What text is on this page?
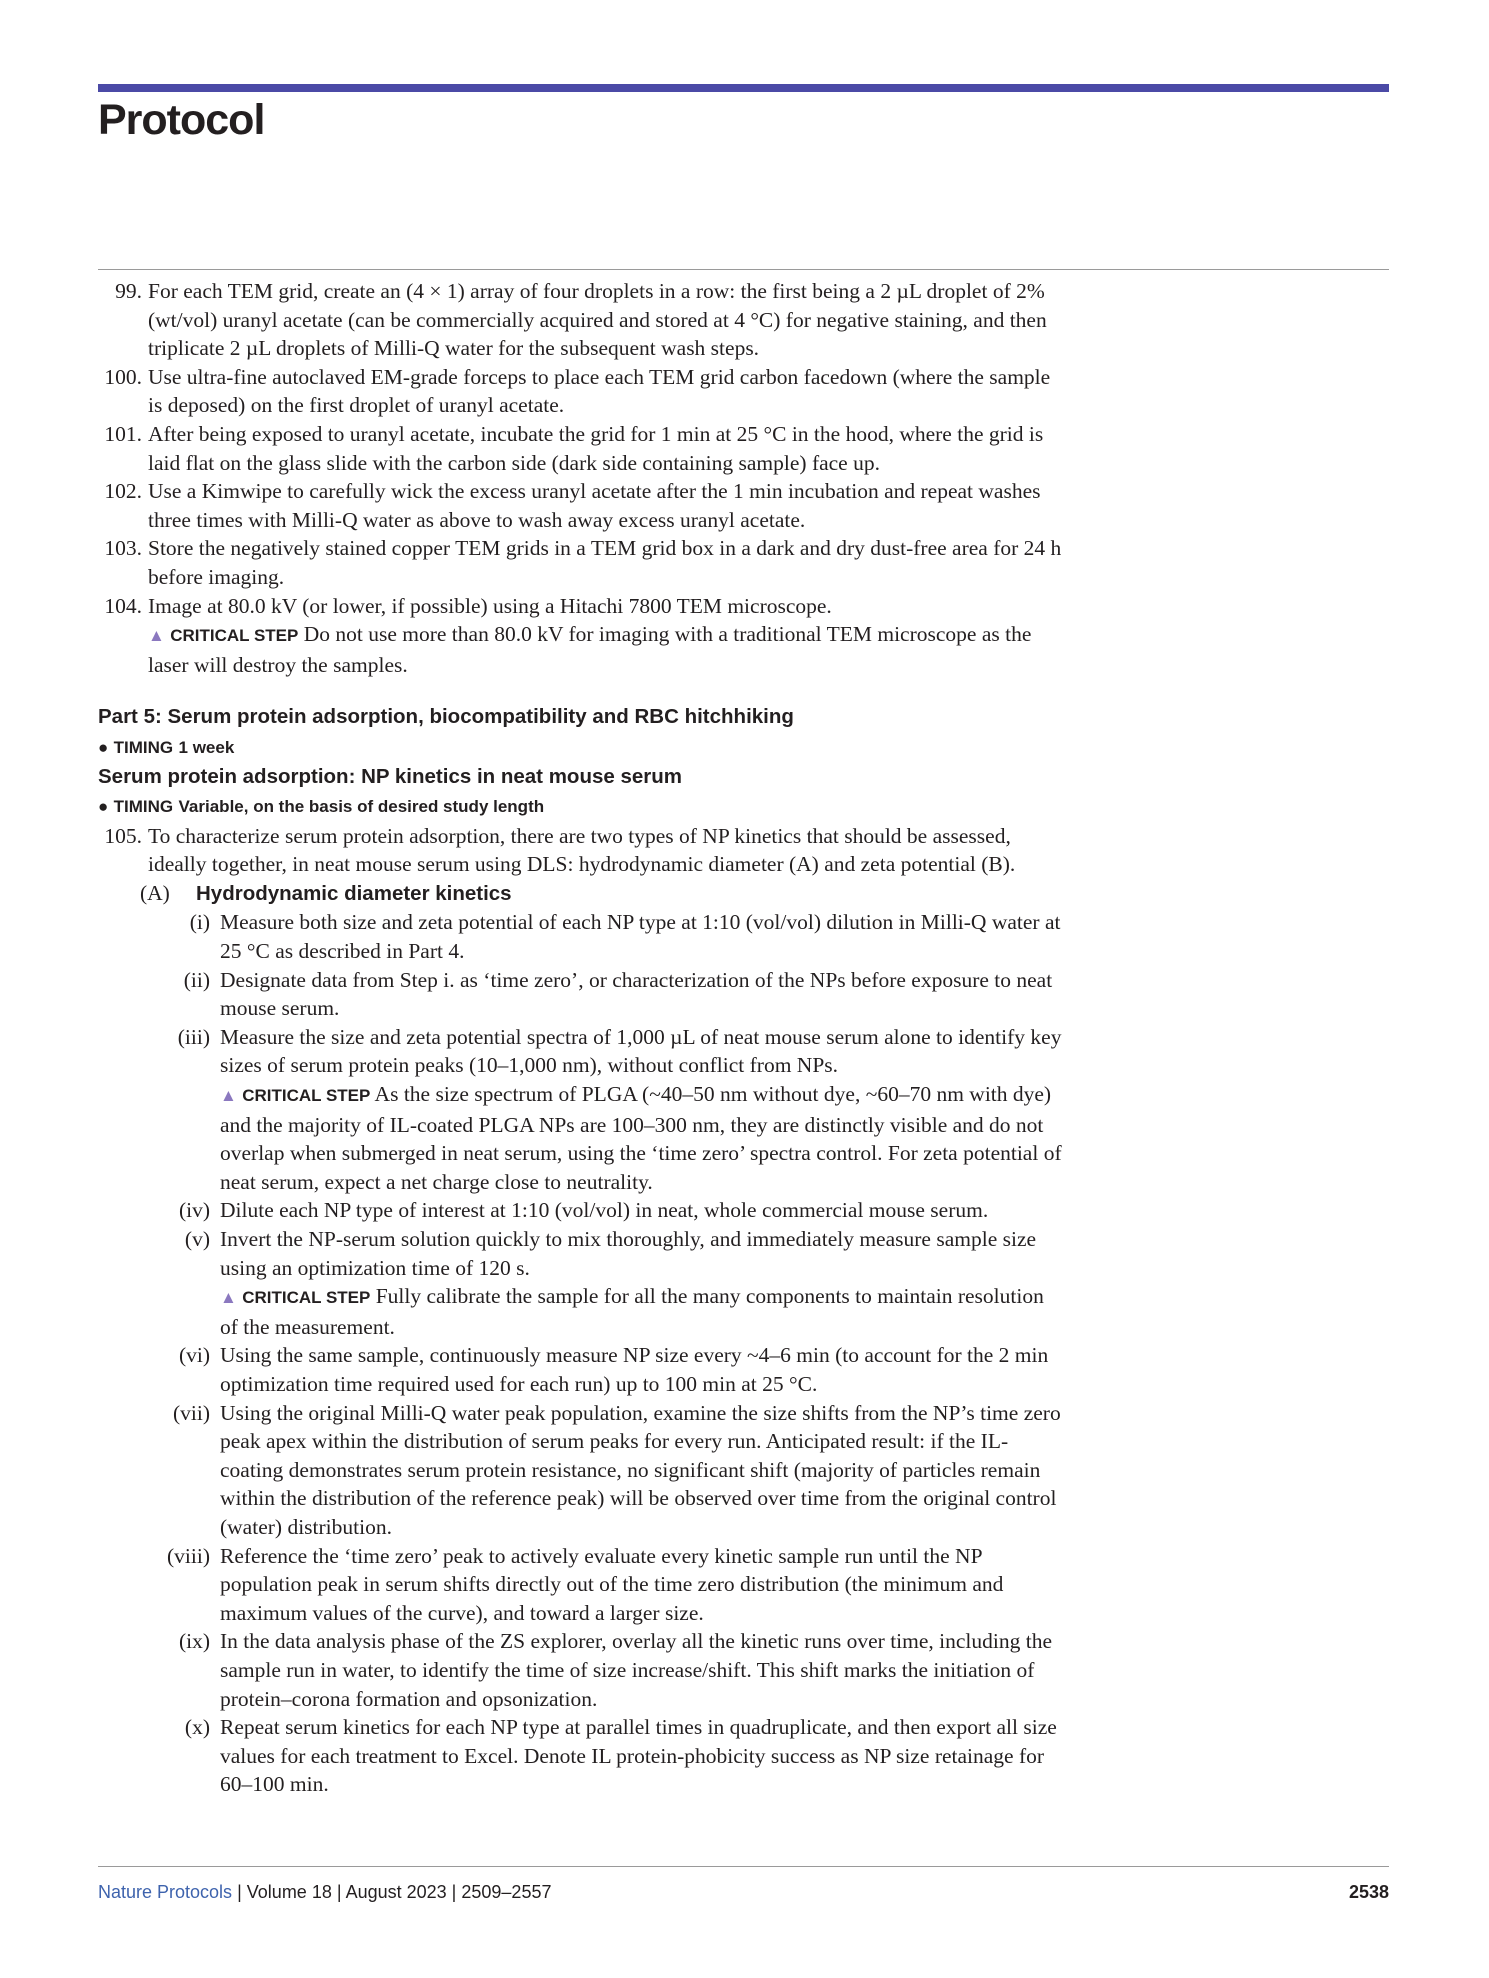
Protocol
99. For each TEM grid, create an (4 × 1) array of four droplets in a row: the first being a 2 µL droplet of 2% (wt/vol) uranyl acetate (can be commercially acquired and stored at 4 °C) for negative staining, and then triplicate 2 µL droplets of Milli-Q water for the subsequent wash steps.
100. Use ultra-fine autoclaved EM-grade forceps to place each TEM grid carbon facedown (where the sample is deposed) on the first droplet of uranyl acetate.
101. After being exposed to uranyl acetate, incubate the grid for 1 min at 25 °C in the hood, where the grid is laid flat on the glass slide with the carbon side (dark side containing sample) face up.
102. Use a Kimwipe to carefully wick the excess uranyl acetate after the 1 min incubation and repeat washes three times with Milli-Q water as above to wash away excess uranyl acetate.
103. Store the negatively stained copper TEM grids in a TEM grid box in a dark and dry dust-free area for 24 h before imaging.
104. Image at 80.0 kV (or lower, if possible) using a Hitachi 7800 TEM microscope.
▲ CRITICAL STEP Do not use more than 80.0 kV for imaging with a traditional TEM microscope as the laser will destroy the samples.
Part 5: Serum protein adsorption, biocompatibility and RBC hitchhiking
● TIMING 1 week
Serum protein adsorption: NP kinetics in neat mouse serum
● TIMING Variable, on the basis of desired study length
105. To characterize serum protein adsorption, there are two types of NP kinetics that should be assessed, ideally together, in neat mouse serum using DLS: hydrodynamic diameter (A) and zeta potential (B).
(A)	Hydrodynamic diameter kinetics
(i) Measure both size and zeta potential of each NP type at 1:10 (vol/vol) dilution in Milli-Q water at 25 °C as described in Part 4.
(ii) Designate data from Step i. as ‘time zero’, or characterization of the NPs before exposure to neat mouse serum.
(iii) Measure the size and zeta potential spectra of 1,000 µL of neat mouse serum alone to identify key sizes of serum protein peaks (10–1,000 nm), without conflict from NPs.
▲ CRITICAL STEP As the size spectrum of PLGA (~40–50 nm without dye, ~60–70 nm with dye) and the majority of IL-coated PLGA NPs are 100–300 nm, they are distinctly visible and do not overlap when submerged in neat serum, using the ‘time zero’ spectra control. For zeta potential of neat serum, expect a net charge close to neutrality.
(iv) Dilute each NP type of interest at 1:10 (vol/vol) in neat, whole commercial mouse serum.
(v) Invert the NP-serum solution quickly to mix thoroughly, and immediately measure sample size using an optimization time of 120 s.
▲ CRITICAL STEP Fully calibrate the sample for all the many components to maintain resolution of the measurement.
(vi) Using the same sample, continuously measure NP size every ~4–6 min (to account for the 2 min optimization time required used for each run) up to 100 min at 25 °C.
(vii) Using the original Milli-Q water peak population, examine the size shifts from the NP’s time zero peak apex within the distribution of serum peaks for every run. Anticipated result: if the IL-coating demonstrates serum protein resistance, no significant shift (majority of particles remain within the distribution of the reference peak) will be observed over time from the original control (water) distribution.
(viii) Reference the ‘time zero’ peak to actively evaluate every kinetic sample run until the NP population peak in serum shifts directly out of the time zero distribution (the minimum and maximum values of the curve), and toward a larger size.
(ix) In the data analysis phase of the ZS explorer, overlay all the kinetic runs over time, including the sample run in water, to identify the time of size increase/shift. This shift marks the initiation of protein–corona formation and opsonization.
(x) Repeat serum kinetics for each NP type at parallel times in quadruplicate, and then export all size values for each treatment to Excel. Denote IL protein-phobicity success as NP size retainage for 60–100 min.
Nature Protocols | Volume 18 | August 2023 | 2509–2557	2538
